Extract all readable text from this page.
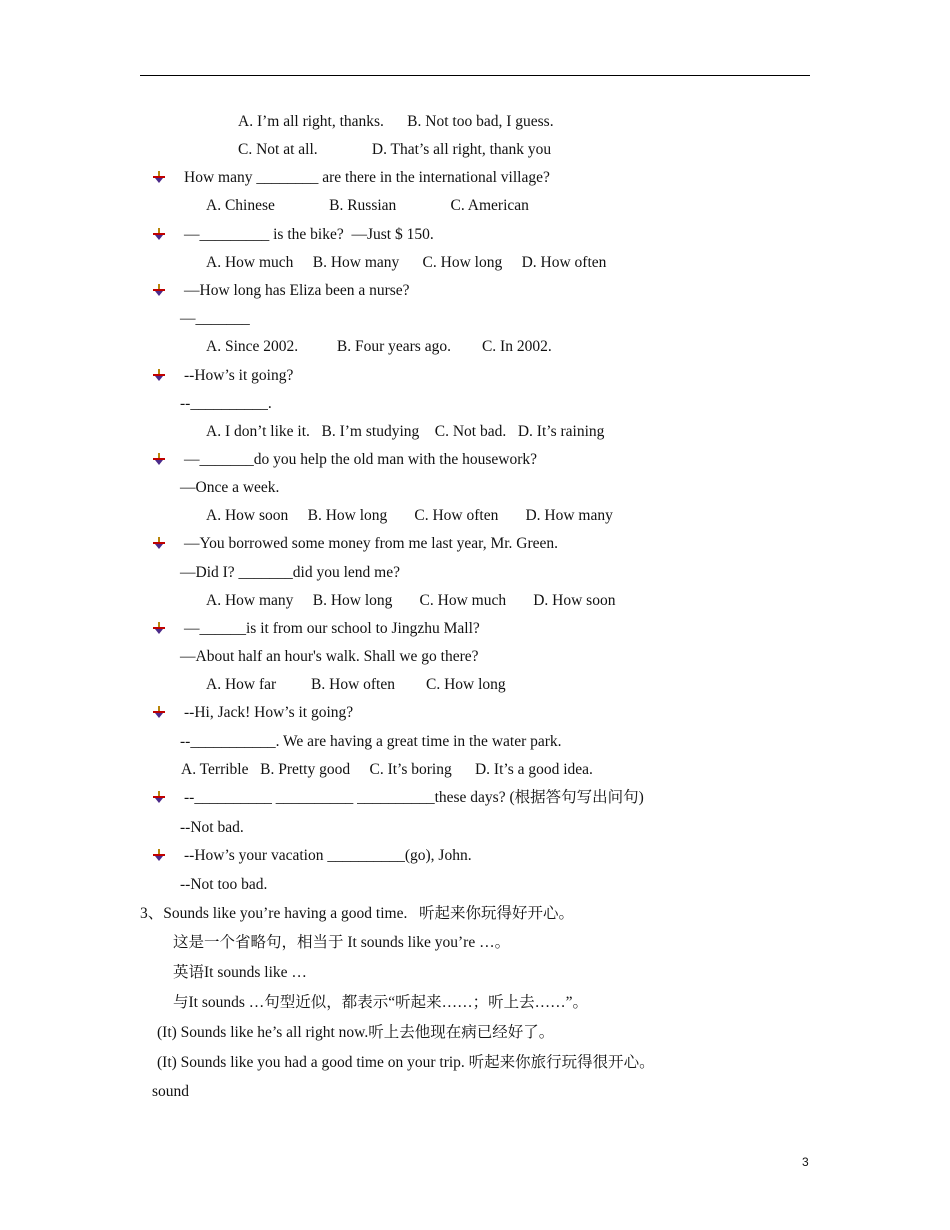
A. I’m all right, thanks.      B. Not too bad, I guess.
C. Not at all.              D. That’s all right, thank you
How many ________ are there in the international village?
A. Chinese              B. Russian              C. American
—_________ is the bike?  —Just $ 150.
A. How much     B. How many      C. How long     D. How often
—How long has Eliza been a nurse?
—_______
A. Since 2002.          B. Four years ago.        C. In 2002.
--How’s it going?
--__________.
A. I don’t like it.   B. I’m studying    C. Not bad.   D. It’s raining
—_______do you help the old man with the housework?
—Once a week.
A. How soon     B. How long       C. How often       D. How many
—You borrowed some money from me last year, Mr. Green.
—Did I? _______did you lend me?
A. How many     B. How long       C. How much       D. How soon
—______is it from our school to Jingzhu Mall?
—About half an hour's walk. Shall we go there?
A. How far         B. How often        C. How long
--Hi, Jack! How’s it going?
--___________. We are having a great time in the water park.
A. Terrible   B. Pretty good     C. It’s boring      D. It’s a good idea.
--__________ __________ __________these days? (根据答句写出问句)
--Not bad.
--How’s your vacation __________(go), John.
--Not too bad.
3、Sounds like you’re having a good time.   听起来你玩得好开心。
这是一个省略句，相当于 It sounds like you’re …。
英语It sounds like …
与It sounds …句型近似，都表示“听起来……；听上去……”。
(It) Sounds like he’s all right now.听上去他现在病已经好了。
(It) Sounds like you had a good time on your trip. 听起来你旅行玩得很开心。
sound
3
